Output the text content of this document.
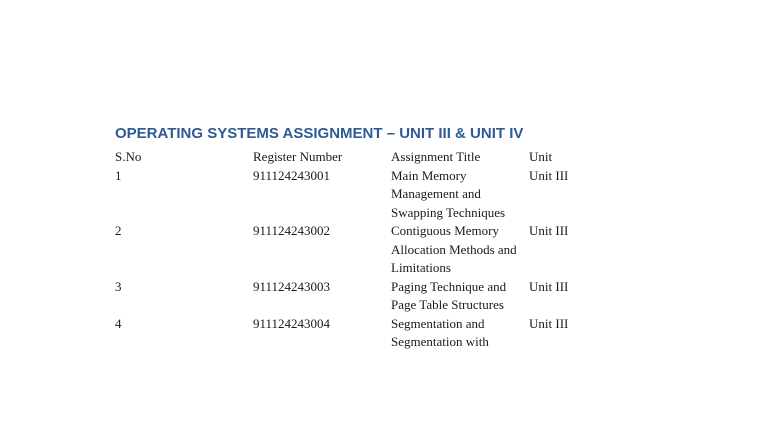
OPERATING SYSTEMS ASSIGNMENT – UNIT III & UNIT IV
S.No	Register Number	Assignment Title	Unit
1	911124243001	Main Memory Management and Swapping Techniques	Unit III
2	911124243002	Contiguous Memory Allocation Methods and Limitations	Unit III
3	911124243003	Paging Technique and Page Table Structures	Unit III
4	911124243004	Segmentation and Segmentation with	Unit III
